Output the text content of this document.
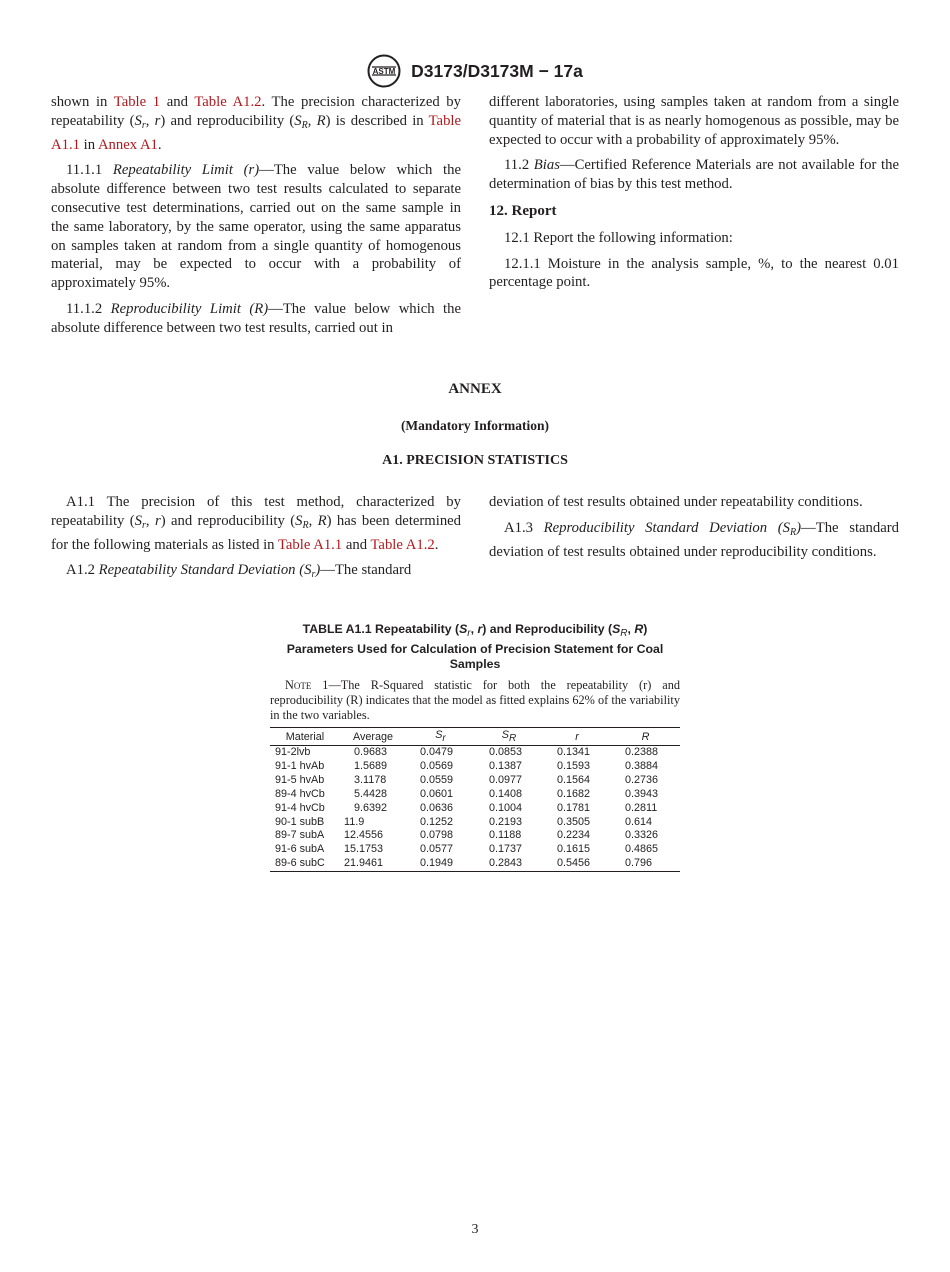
ASTM D3173/D3173M − 17a

shown in Table 1 and Table A1.2. The precision characterized by repeatability ($S_r$, r) and reproducibility ($S_R$, R) is described in Table A1.1 in Annex A1.

11.1.1 Repeatability Limit (r)—The value below which the absolute difference between two test results calculated to separate consecutive test determinations, carried out on the same sample in the same laboratory, by the same operator, using the same apparatus on samples taken at random from a single quantity of homogenous material, may be expected to occur with a probability of approximately 95%.

11.1.2 Reproducibility Limit (R)—The value below which the absolute difference between two test results, carried out in

different laboratories, using samples taken at random from a single quantity of material that is as nearly homogenous as possible, may be expected to occur with a probability of approximately 95%.

11.2 Bias—Certified Reference Materials are not available for the determination of bias by this test method.

12. Report

12.1 Report the following information:

12.1.1 Moisture in the analysis sample, %, to the nearest 0.01 percentage point.

ANNEX
(Mandatory Information)
A1. PRECISION STATISTICS

A1.1 The precision of this test method, characterized by repeatability ($S_r$, r) and reproducibility ($S_R$, R) has been determined for the following materials as listed in Table A1.1 and Table A1.2.

A1.2 Repeatability Standard Deviation $(S_r)—The$ standard

deviation of test results obtained under repeatability conditions.

A1.3 Reproducibility Standard Deviation $(S_R)—The$ standard deviation of test results obtained under reproducibility conditions.

TABLE A1.1 Repeatability ($S_r$, r) and Reproducibility ($S_R$, R) Parameters Used for Calculation of Precision Statement for Coal Samples
Note 1—The R-Squared statistic for both the repeatability (r) and reproducibility (R) indicates that the model as fitted explains 62% of the variability in the two variables.
Material	Average	Sr	SR	r	R
91-2lvb	0.9683	0.0479	0.0853	0.1341	0.2388
91-1 hvAb	1.5689	0.0569	0.1387	0.1593	0.3884
91-5 hvAb	3.1178	0.0559	0.0977	0.1564	0.2736
89-4 hvCb	5.4428	0.0601	0.1408	0.1682	0.3943
91-4 hvCb	9.6392	0.0636	0.1004	0.1781	0.2811
90-1 subB	11.9	0.1252	0.2193	0.3505	0.614
89-7 subA	12.4556	0.0798	0.1188	0.2234	0.3326
91-6 subA	15.1753	0.0577	0.1737	0.1615	0.4865
89-6 subC	21.9461	0.1949	0.2843	0.5456	0.796
3
